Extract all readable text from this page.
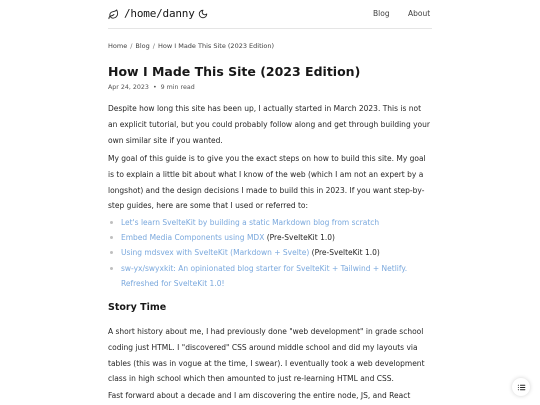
/home/danny	Blog About
Home / Blog / How I Made This Site (2023 Edition)
How I Made This Site (2023 Edition)
Apr 24, 2023 • 9 min read

Despite how long this site has been up, I actually started in March 2023. This is not an explicit tutorial, but you could probably follow along and get through building your own similar site if you wanted.

My goal of this guide is to give you the exact steps on how to build this site. My goal is to explain a little bit about what I know of the web (which I am not an expert by a longshot) and the design decisions I made to build this in 2023. If you want step-by-step guides, here are some that I used or referred to:

Let's learn SvelteKit by building a static Markdown blog from scratch
Embed Media Components using MDX (Pre-SvelteKit 1.0)
Using mdsvex with SvelteKit (Markdown + Svelte) (Pre-SvelteKit 1.0)
sw-yx/swyxkit: An opinionated blog starter for SvelteKit + Tailwind + Netlify. Refreshed for SvelteKit 1.0!
Story Time

A short history about me, I had previously done "web development" in grade school coding just HTML. I "discovered" CSS around middle school and did my layouts via tables (this was in vogue at the time, I swear). I eventually took a web development class in high school which then amounted to just re-learning HTML and CSS.

Fast forward about a decade and I am discovering the entire node, JS, and React
